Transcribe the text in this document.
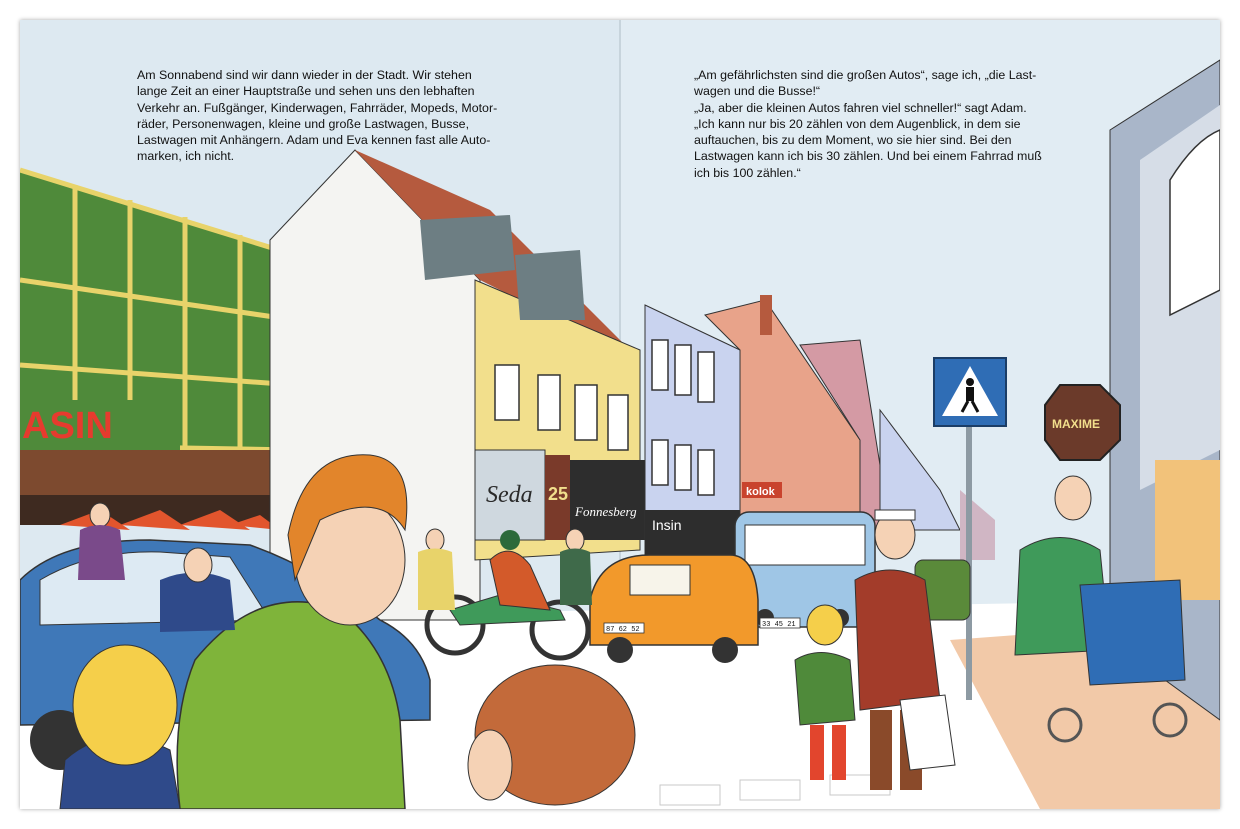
ASIN
Seda 25
Fonnesberg
Insin
kolok
MAXIME
87 62 52
33 45 21

Am Sonnabend sind wir dann wieder in der Stadt. Wir stehen
lange Zeit an einer Hauptstraße und sehen uns den lebhaften
Verkehr an. Fußgänger, Kinderwagen, Fahrräder, Mopeds, Motor-
räder, Personenwagen, kleine und große Lastwagen, Busse,
Lastwagen mit Anhängern. Adam und Eva kennen fast alle Auto-
marken, ich nicht.

„Am gefährlichsten sind die großen Autos“, sage ich, „die Last-
wagen und die Busse!“
„Ja, aber die kleinen Autos fahren viel schneller!“ sagt Adam.
„Ich kann nur bis 20 zählen von dem Augenblick, in dem sie
auftauchen, bis zu dem Moment, wo sie hier sind. Bei den
Lastwagen kann ich bis 30 zählen. Und bei einem Fahrrad muß
ich bis 100 zählen.“
